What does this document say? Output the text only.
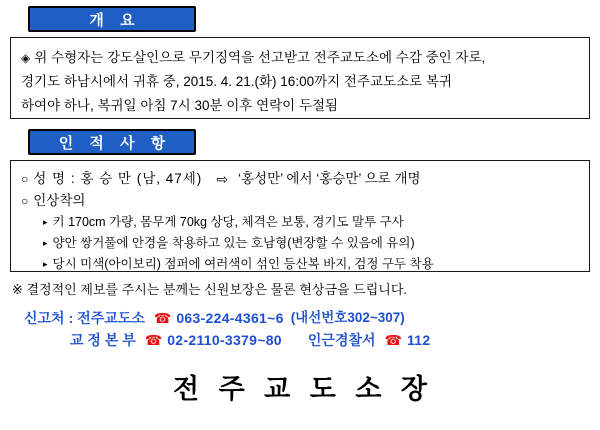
개 요
◈ 위 수형자는 강도살인으로 무기징역을 선고받고 전주교도소에 수감 중인 자로,
경기도 하남시에서 귀휴 중, 2015. 4. 21.(화) 16:00까지 전주교도소로 복귀
하여야 하나, 복귀일 아침 7시 30분 이후 연락이 두절됨
인 적 사 항
○ 성 명 : 홍 승 만 (남, 47세) ⇨ ‘홍성만’ 에서 ‘홍승만’ 으로 개명
○ 인상착의
▸ 키 170cm 가량, 몸무게 70kg 상당, 체격은 보통, 경기도 말투 구사
▸ 양안 쌍거풀에 안경을 착용하고 있는 호남형(변장할 수 있음에 유의)
▸ 당시 미색(아이보리) 점퍼에 여러색이 섞인 등산복 바지, 검정 구두 착용
※ 결정적인 제보를 주시는 분께는 신원보장은 물론 현상금을 드립니다.
신고처 : 전주교도소 ☎ 063-224-4361~6 (내선번호302~307)
교 정 본 부 ☎ 02-2110-3379~80 인근경찰서 ☎ 112
전 주 교 도 소 장
